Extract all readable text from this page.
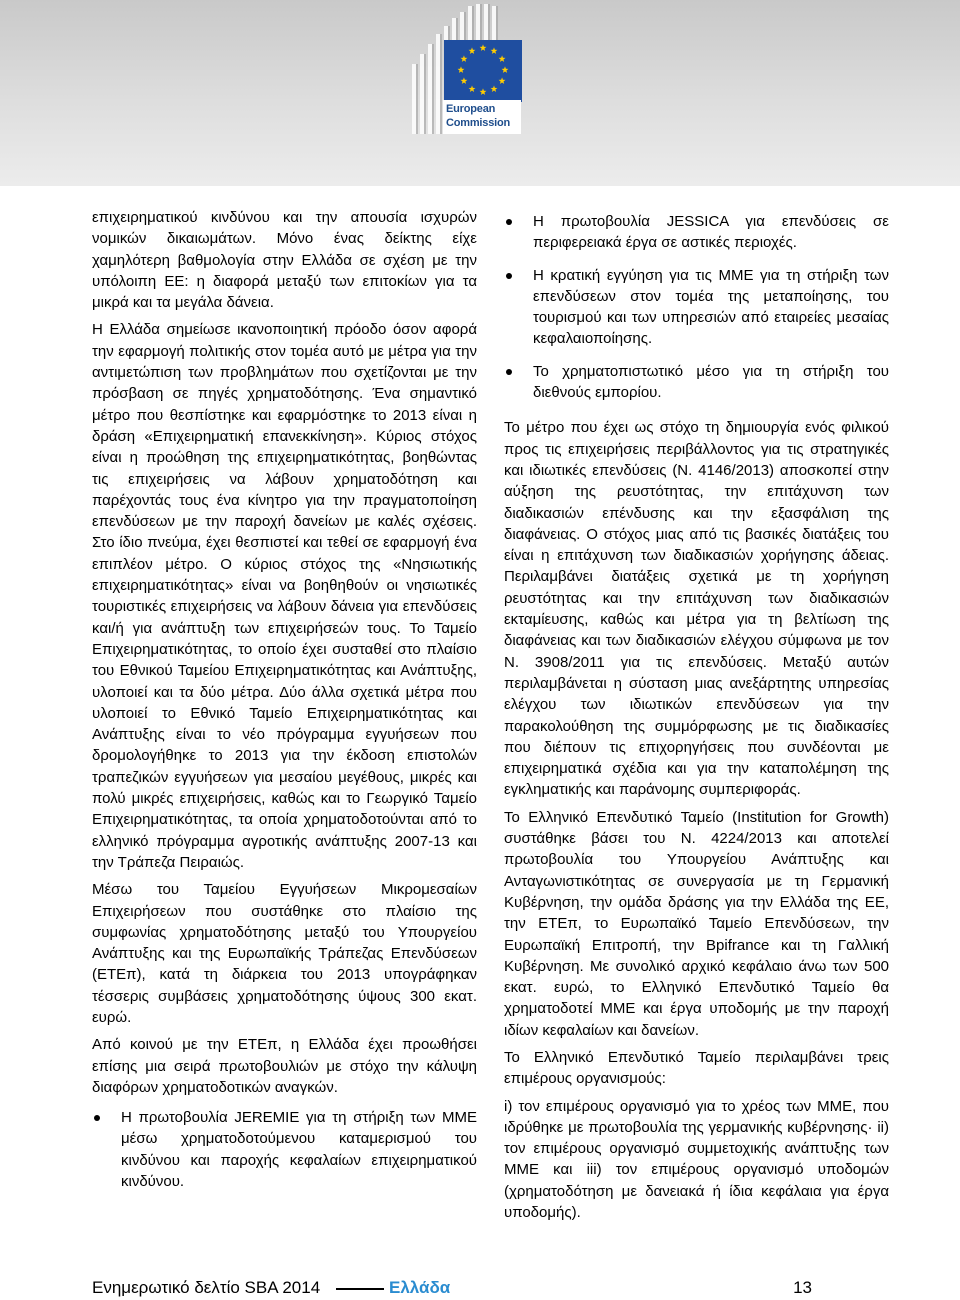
European
Commission

επιχειρηματικού κινδύνου και την απουσία ισχυρών νομικών δικαιωμάτων. Μόνο ένας δείκτης είχε χαμηλότερη βαθμολογία στην Ελλάδα σε σχέση με την υπόλοιπη ΕΕ: η διαφορά μεταξύ των επιτοκίων για τα μικρά και τα μεγάλα δάνεια.

Η Ελλάδα σημείωσε ικανοποιητική πρόοδο όσον αφορά την εφαρμογή πολιτικής στον τομέα αυτό με μέτρα για την αντιμετώπιση των προβλημάτων που σχετίζονται με την πρόσβαση σε πηγές χρηματοδότησης. Ένα σημαντικό μέτρο που θεσπίστηκε και εφαρμόστηκε το 2013 είναι η δράση «Επιχειρηματική επανεκκίνηση». Κύριος στόχος είναι η προώθηση της επιχειρηματικότητας, βοηθώντας τις επιχειρήσεις να λάβουν χρηματοδότηση και παρέχοντάς τους ένα κίνητρο για την πραγματοποίηση επενδύσεων με την παροχή δανείων με καλές σχέσεις. Στο ίδιο πνεύμα, έχει θεσπιστεί και τεθεί σε εφαρμογή ένα επιπλέον μέτρο. Ο κύριος στόχος της «Νησιωτικής επιχειρηματικότητας» είναι να βοηθηθούν οι νησιωτικές τουριστικές επιχειρήσεις να λάβουν δάνεια για επενδύσεις και/ή για ανάπτυξη των επιχειρήσεών τους. Το Ταμείο Επιχειρηματικότητας, το οποίο έχει συσταθεί στο πλαίσιο του Εθνικού Ταμείου Επιχειρηματικότητας και Ανάπτυξης, υλοποιεί και τα δύο μέτρα. Δύο άλλα σχετικά μέτρα που υλοποιεί το Εθνικό Ταμείο Επιχειρηματικότητας και Ανάπτυξης είναι το νέο πρόγραμμα εγγυήσεων που δρομολογήθηκε το 2013 για την έκδοση επιστολών τραπεζικών εγγυήσεων για μεσαίου μεγέθους, μικρές και πολύ μικρές επιχειρήσεις, καθώς και το Γεωργικό Ταμείο Επιχειρηματικότητας, τα οποία χρηματοδοτούνται από το ελληνικό πρόγραμμα αγροτικής ανάπτυξης 2007-13 και την Τράπεζα Πειραιώς.

Μέσω του Ταμείου Εγγυήσεων Μικρομεσαίων Επιχειρήσεων που συστάθηκε στο πλαίσιο της συμφωνίας χρηματοδότησης μεταξύ του Υπουργείου Ανάπτυξης και της Ευρωπαϊκής Τράπεζας Επενδύσεων (ΕΤΕπ), κατά τη διάρκεια του 2013 υπογράφηκαν τέσσερις συμβάσεις χρηματοδότησης ύψους 300 εκατ. ευρώ.

Από κοινού με την ΕΤΕπ, η Ελλάδα έχει προωθήσει επίσης μια σειρά πρωτοβουλιών με στόχο την κάλυψη διαφόρων χρηματοδοτικών αναγκών.

Η πρωτοβουλία JEREMIE για τη στήριξη των ΜΜΕ μέσω χρηματοδοτούμενου καταμερισμού του κινδύνου και παροχής κεφαλαίων επιχειρηματικού κινδύνου.
Η πρωτοβουλία JESSICA για επενδύσεις σε περιφερειακά έργα σε αστικές περιοχές.
Η κρατική εγγύηση για τις ΜΜΕ για τη στήριξη των επενδύσεων στον τομέα της μεταποίησης, του τουρισμού και των υπηρεσιών από εταιρείες μεσαίας κεφαλαιοποίησης.
Το χρηματοπιστωτικό μέσο για τη στήριξη του διεθνούς εμπορίου.

Το μέτρο που έχει ως στόχο τη δημιουργία ενός φιλικού προς τις επιχειρήσεις περιβάλλοντος για τις στρατηγικές και ιδιωτικές επενδύσεις (Ν. 4146/2013) αποσκοπεί στην αύξηση της ρευστότητας, την επιτάχυνση των διαδικασιών επένδυσης και την εξασφάλιση της διαφάνειας. Ο στόχος μιας από τις βασικές διατάξεις του είναι η επιτάχυνση των διαδικασιών χορήγησης άδειας. Περιλαμβάνει διατάξεις σχετικά με τη χορήγηση ρευστότητας και την επιτάχυνση των διαδικασιών εκταμίευσης, καθώς και μέτρα για τη βελτίωση της διαφάνειας και των διαδικασιών ελέγχου σύμφωνα με τον Ν. 3908/2011 για τις επενδύσεις. Μεταξύ αυτών περιλαμβάνεται η σύσταση μιας ανεξάρτητης υπηρεσίας ελέγχου των ιδιωτικών επενδύσεων για την παρακολούθηση της συμμόρφωσης με τις διαδικασίες που διέπουν τις επιχορηγήσεις που συνδέονται με επιχειρηματικά σχέδια και για την καταπολέμηση της εγκληματικής και παράνομης συμπεριφοράς.

Το Ελληνικό Επενδυτικό Ταμείο (Institution for Growth) συστάθηκε βάσει του Ν. 4224/2013 και αποτελεί πρωτοβουλία του Υπουργείου Ανάπτυξης και Ανταγωνιστικότητας σε συνεργασία με τη Γερμανική Κυβέρνηση, την ομάδα δράσης για την Ελλάδα της ΕΕ, την ΕΤΕπ, το Ευρωπαϊκό Ταμείο Επενδύσεων, την Ευρωπαϊκή Επιτροπή, την Bpifrance και τη Γαλλική Κυβέρνηση. Με συνολικό αρχικό κεφάλαιο άνω των 500 εκατ. ευρώ, το Ελληνικό Επενδυτικό Ταμείο θα χρηματοδοτεί ΜΜΕ και έργα υποδομής με την παροχή ιδίων κεφαλαίων και δανείων.

Το Ελληνικό Επενδυτικό Ταμείο περιλαμβάνει τρεις επιμέρους οργανισμούς:

i) τον επιμέρους οργανισμό για το χρέος των ΜΜΕ, που ιδρύθηκε με πρωτοβουλία της γερμανικής κυβέρνησης· ii) τον επιμέρους οργανισμό συμμετοχικής ανάπτυξης των ΜΜΕ και iii) τον επιμέρους οργανισμό υποδομών (χρηματοδότηση με δανειακά ή ίδια κεφάλαια για έργα υποδομής).

Ενημερωτικό δελτίο SBA 2014	Ελλάδα	13
